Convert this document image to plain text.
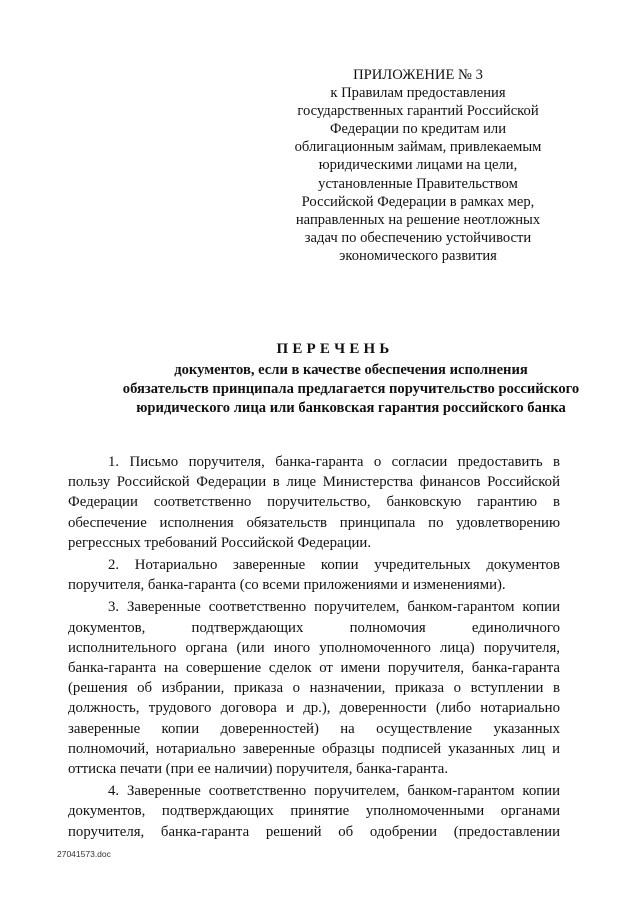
ПРИЛОЖЕНИЕ № 3
к Правилам предоставления
государственных гарантий Российской
Федерации по кредитам или
облигационным займам, привлекаемым
юридическими лицами на цели,
установленные Правительством
Российской Федерации в рамках мер,
направленных на решение неотложных
задач по обеспечению устойчивости
экономического развития
ПЕРЕЧЕНЬ
документов, если в качестве обеспечения исполнения
обязательств принципала предлагается поручительство российского
юридического лица или банковская гарантия российского банка
1. Письмо поручителя, банка-гаранта о согласии предоставить в
пользу Российской Федерации в лице Министерства финансов Российской
Федерации соответственно поручительство, банковскую гарантию в
обеспечение исполнения обязательств принципала по удовлетворению
регрессных требований Российской Федерации.
2. Нотариально заверенные копии учредительных документов
поручителя, банка-гаранта (со всеми приложениями и изменениями).
3. Заверенные соответственно поручителем, банком-гарантом копии
документов, подтверждающих полномочия единоличного
исполнительного органа (или иного уполномоченного лица) поручителя,
банка-гаранта на совершение сделок от имени поручителя, банка-гаранта
(решения об избрании, приказа о назначении, приказа о вступлении в
должность, трудового договора и др.), доверенности (либо нотариально
заверенные копии доверенностей) на осуществление указанных
полномочий, нотариально заверенные образцы подписей указанных лиц и
оттиска печати (при ее наличии) поручителя, банка-гаранта.
4. Заверенные соответственно поручителем, банком-гарантом копии
документов, подтверждающих принятие уполномоченными органами
поручителя, банка-гаранта решений об одобрении (предоставлении
27041573.doc
